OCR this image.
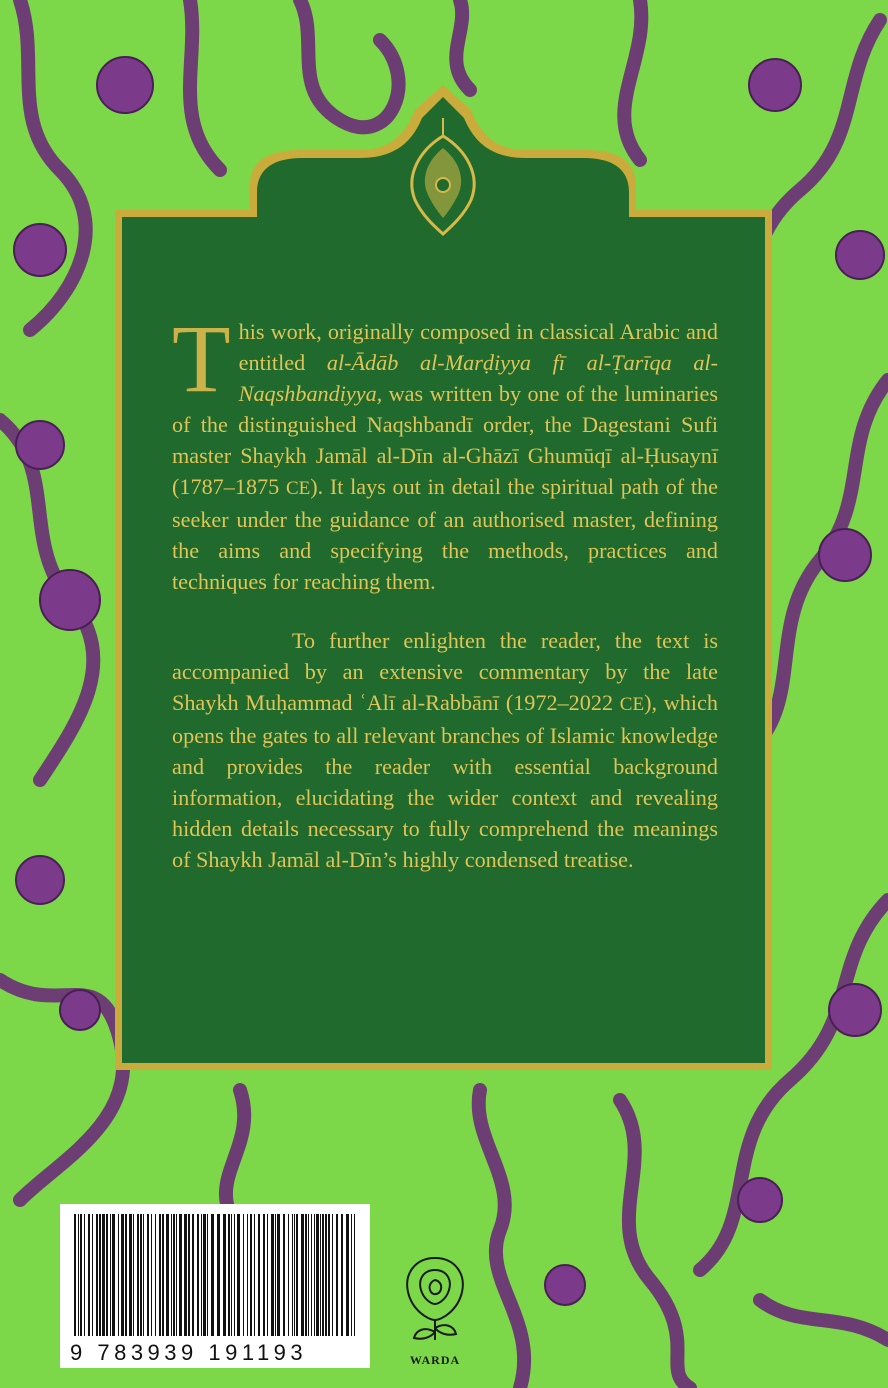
This work, originally composed in classical Arabic and entitled al-Ādāb al-Marḍiyya fī al-Ṭarīqa al-Naqshbandiyya, was written by one of the luminaries of the distinguished Naqshbandī order, the Dagestani Sufi master Shaykh Jamāl al-Dīn al-Ghāzī Ghumūqī al-Ḥusaynī (1787–1875 CE). It lays out in detail the spiritual path of the seeker under the guidance of an authorised master, defining the aims and specifying the methods, practices and techniques for reaching them.

To further enlighten the reader, the text is accompanied by an extensive commentary by the late Shaykh Muḥammad ʿAlī al-Rabbānī (1972–2022 CE), which opens the gates to all relevant branches of Islamic knowledge and provides the reader with essential background information, elucidating the wider context and revealing hidden details necessary to fully comprehend the meanings of Shaykh Jamāl al-Dīn’s highly condensed treatise.

9 783939 191193	WARDA
